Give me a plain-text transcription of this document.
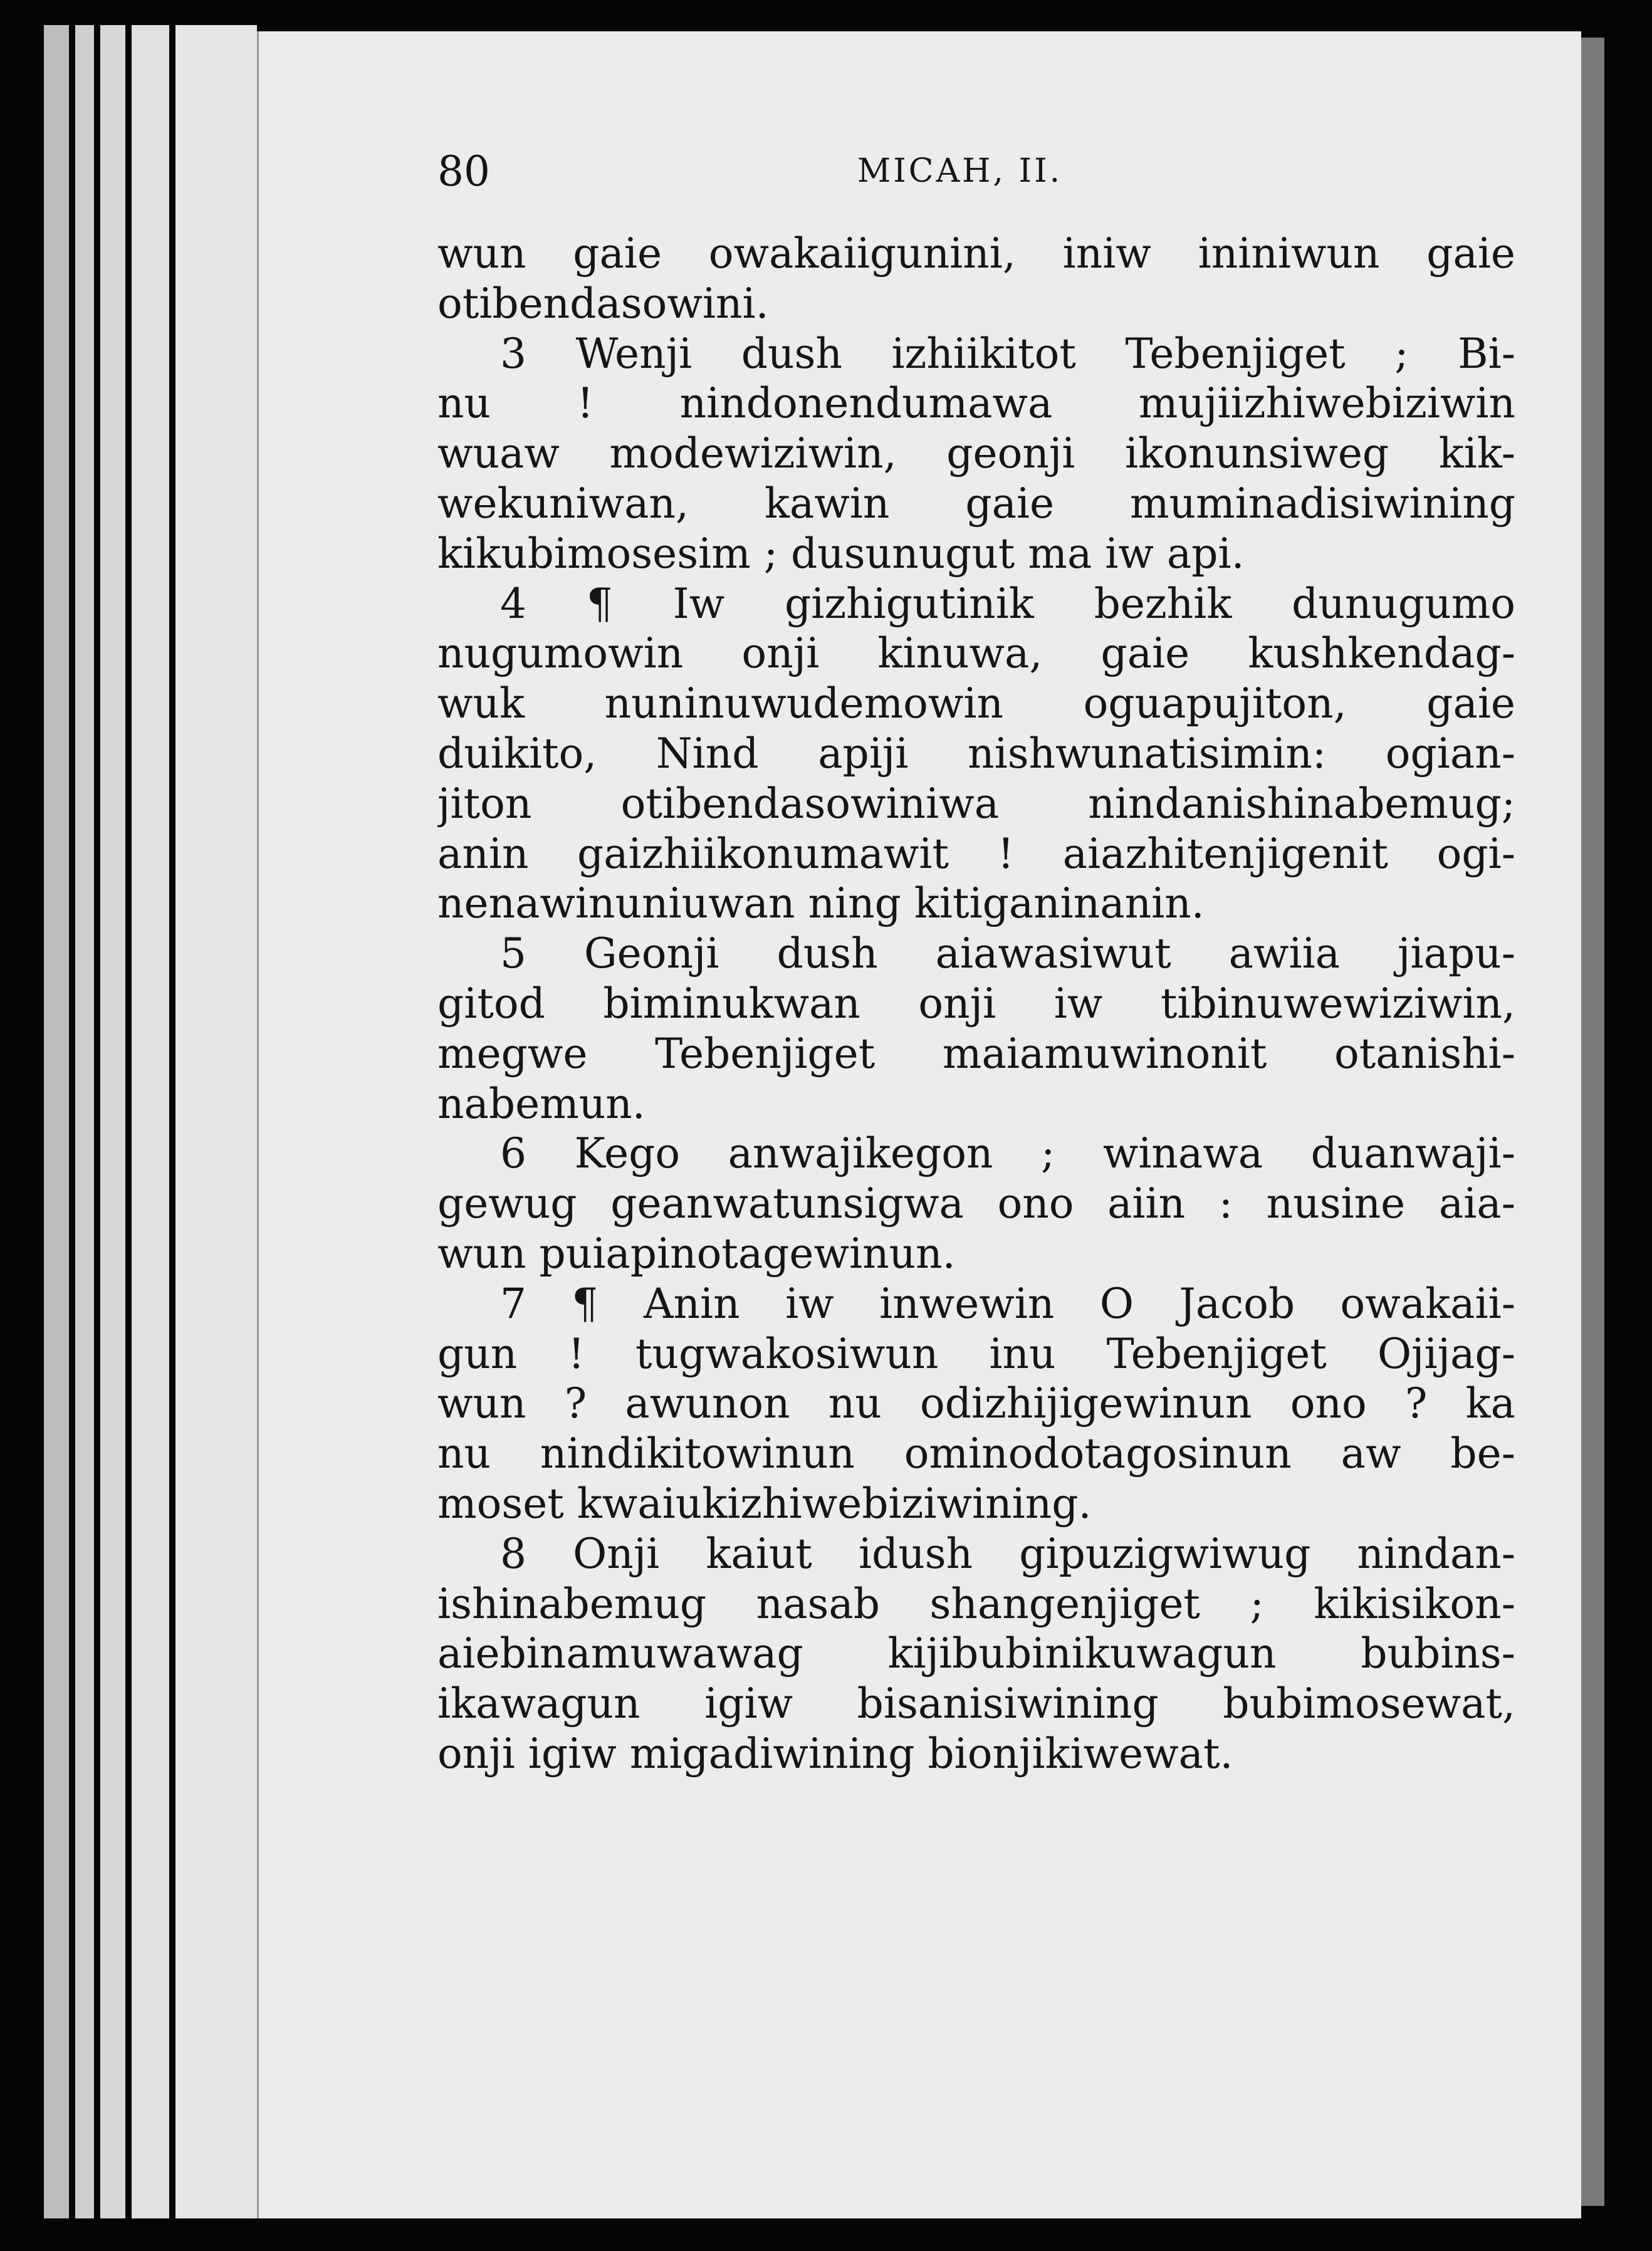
80	MICAH, II.
wun gaie owakaiigunini, iniw ininiwun gaie
otibendasowini.
3 Wenji dush izhiikitot Tebenjiget ; Bi-
nu ! nindonendumawa mujiizhiwebiziwin
wuaw modewiziwin, geonji ikonunsiweg kik-
wekuniwan, kawin gaie muminadisiwining
kikubimosesim ; dusunugut ma iw api.
4 ¶ Iw gizhigutinik bezhik dunugumo
nugumowin onji kinuwa, gaie kushkendag-
wuk nuninuwudemowin oguapujiton, gaie
duikito, Nind apiji nishwunatisimin: ogian-
jiton otibendasowiniwa nindanishinabemug;
anin gaizhiikonumawit ! aiazhitenjigenit ogi-
nenawinuniuwan ning kitiganinanin.
5 Geonji dush aiawasiwut awiia jiapu-
gitod biminukwan onji iw tibinuwewiziwin,
megwe Tebenjiget maiamuwinonit otanishi-
nabemun.
6 Kego anwajikegon ; winawa duanwaji-
gewug geanwatunsigwa ono aiin : nusine aia-
wun puiapinotagewinun.
7 ¶ Anin iw inwewin O Jacob owakaii-
gun ! tugwakosiwun inu Tebenjiget Ojijag-
wun ? awunon nu odizhijigewinun ono ? ka
nu nindikitowinun ominodotagosinun aw be-
moset kwaiukizhiwebiziwining.
8 Onji kaiut idush gipuzigwiwug nindan-
ishinabemug nasab shangenjiget ; kikisikon-
aiebinamuwawag kijibubinikuwagun bubins-
ikawagun igiw bisanisiwining bubimosewat,
onji igiw migadiwining bionjikiwewat.
